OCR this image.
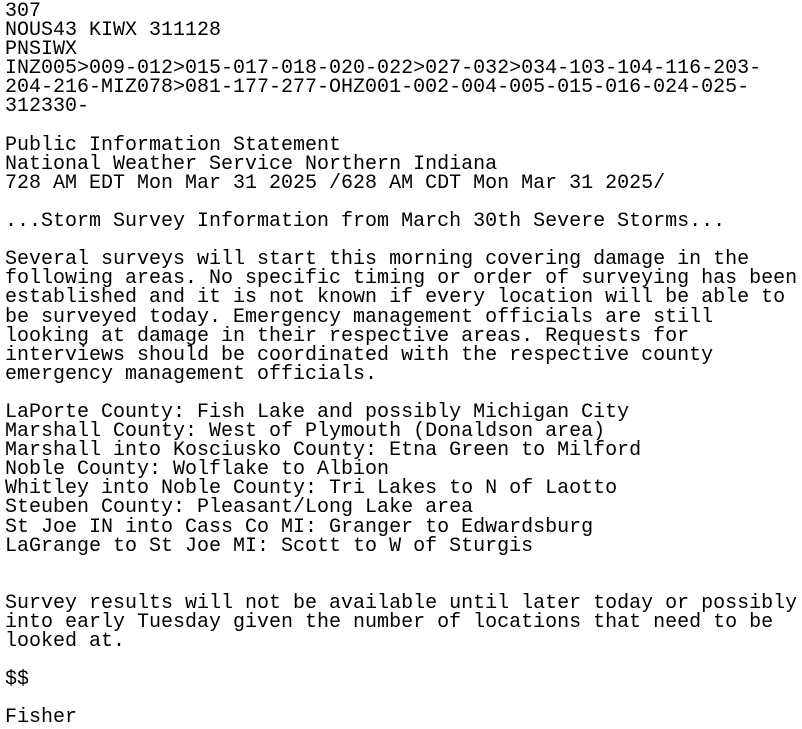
307
NOUS43 KIWX 311128
PNSIWX
INZ005>009-012>015-017-018-020-022>027-032>034-103-104-116-203-
204-216-MIZ078>081-177-277-OHZ001-002-004-005-015-016-024-025-
312330-
Public Information Statement
National Weather Service Northern Indiana
728 AM EDT Mon Mar 31 2025 /628 AM CDT Mon Mar 31 2025/
...Storm Survey Information from March 30th Severe Storms...
Several surveys will start this morning covering damage in the
following areas. No specific timing or order of surveying has been
established and it is not known if every location will be able to
be surveyed today. Emergency management officials are still
looking at damage in their respective areas. Requests for
interviews should be coordinated with the respective county
emergency management officials.
LaPorte County: Fish Lake and possibly Michigan City
Marshall County: West of Plymouth (Donaldson area)
Marshall into Kosciusko County: Etna Green to Milford
Noble County: Wolflake to Albion
Whitley into Noble County: Tri Lakes to N of Laotto
Steuben County: Pleasant/Long Lake area
St Joe IN into Cass Co MI: Granger to Edwardsburg
LaGrange to St Joe MI: Scott to W of Sturgis
Survey results will not be available until later today or possibly
into early Tuesday given the number of locations that need to be
looked at.
$$
Fisher
